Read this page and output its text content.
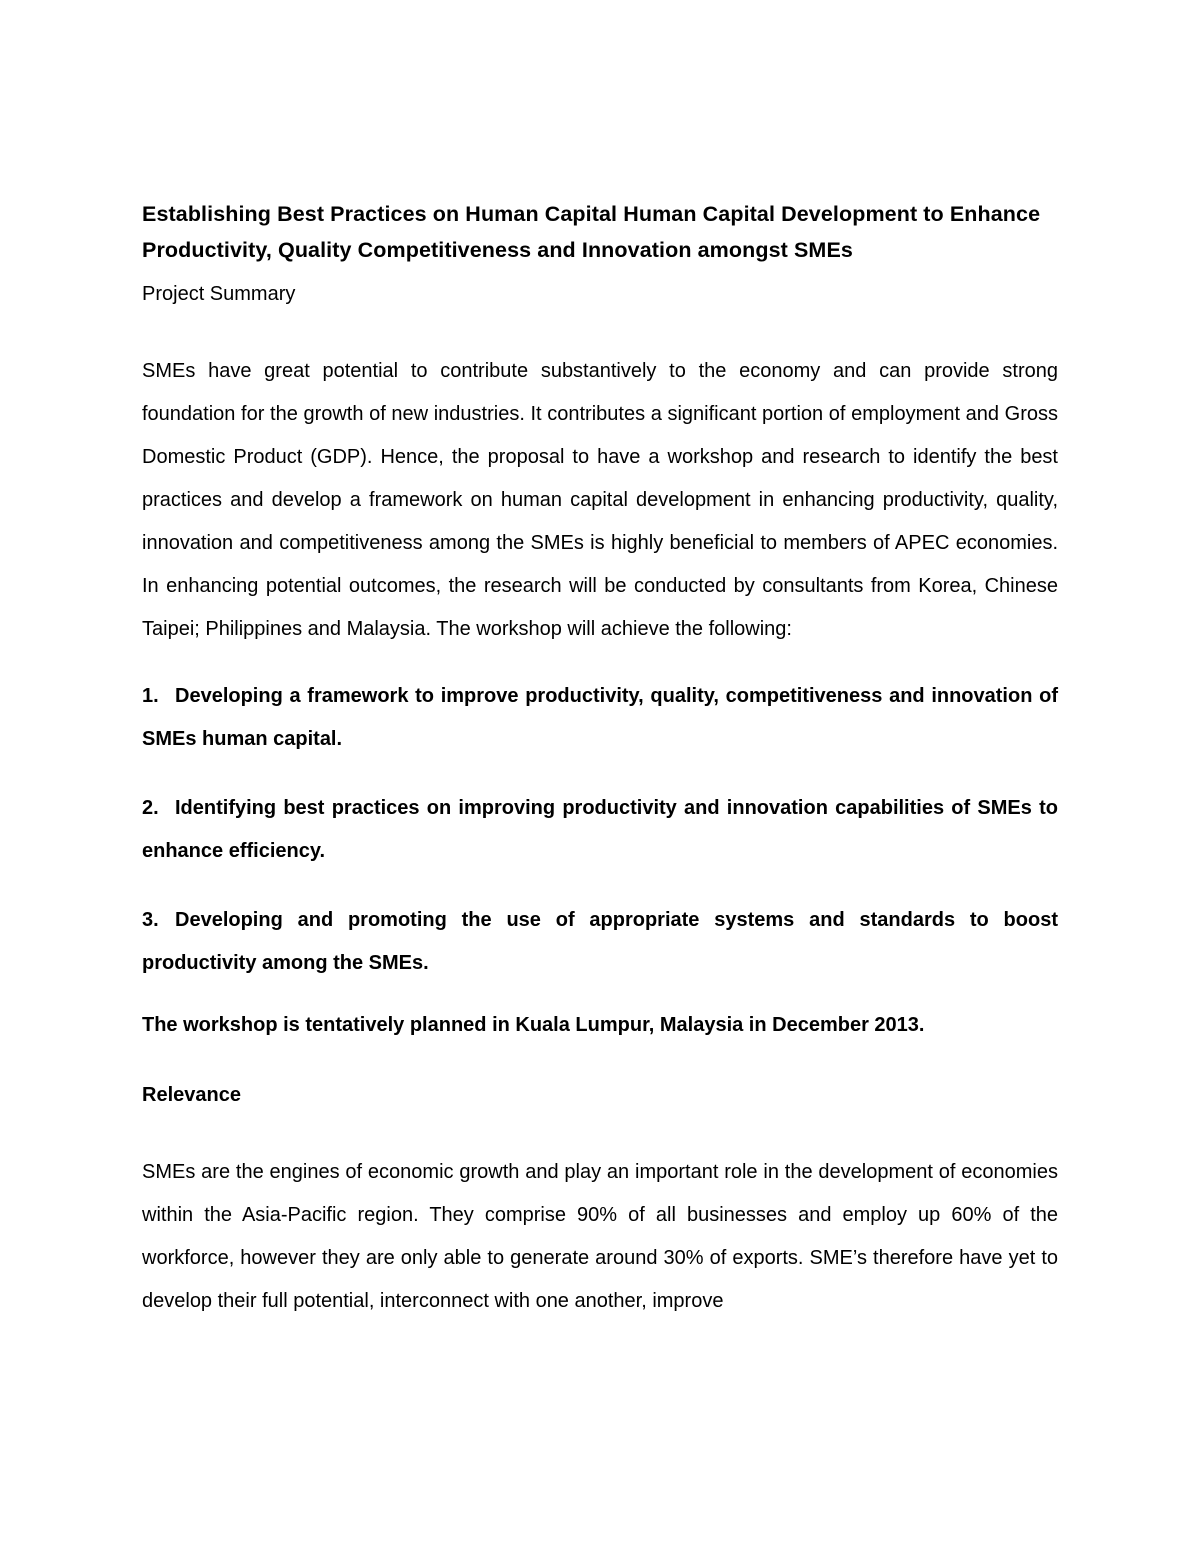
Establishing Best Practices on Human Capital Human Capital Development to Enhance Productivity, Quality Competitiveness and Innovation amongst SMEs
Project Summary
SMEs have great potential to contribute substantively to the economy and can provide strong foundation for the growth of new industries. It contributes a significant portion of employment and Gross Domestic Product (GDP). Hence, the proposal to have a workshop and research to identify the best practices and develop a framework on human capital development in enhancing productivity, quality, innovation and competitiveness among the SMEs is highly beneficial to members of APEC economies. In enhancing potential outcomes, the research will be conducted by consultants from Korea, Chinese Taipei; Philippines and Malaysia. The workshop will achieve the following:
1. Developing a framework to improve productivity, quality, competitiveness and innovation of SMEs human capital.
2. Identifying best practices on improving productivity and innovation capabilities of SMEs to enhance efficiency.
3. Developing and promoting the use of appropriate systems and standards to boost productivity among the SMEs.
The workshop is tentatively planned in Kuala Lumpur, Malaysia in December 2013.
Relevance
SMEs are the engines of economic growth and play an important role in the development of economies within the Asia-Pacific region. They comprise 90% of all businesses and employ up 60% of the workforce, however they are only able to generate around 30% of exports. SME’s therefore have yet to develop their full potential, interconnect with one another, improve
